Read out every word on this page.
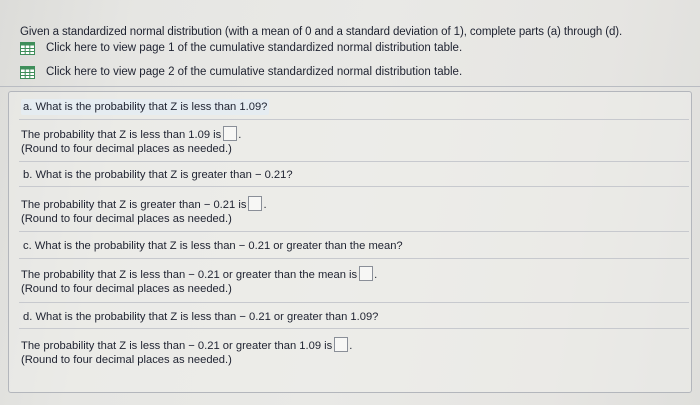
Given a standardized normal distribution (with a mean of 0 and a standard deviation of 1), complete parts (a) through (d).
Click here to view page 1 of the cumulative standardized normal distribution table.
Click here to view page 2 of the cumulative standardized normal distribution table.
a. What is the probability that Z is less than 1.09?
The probability that Z is less than 1.09 is .
(Round to four decimal places as needed.)
b. What is the probability that Z is greater than − 0.21?
The probability that Z is greater than − 0.21 is .
(Round to four decimal places as needed.)
c. What is the probability that Z is less than − 0.21 or greater than the mean?
The probability that Z is less than − 0.21 or greater than the mean is .
(Round to four decimal places as needed.)
d. What is the probability that Z is less than − 0.21 or greater than 1.09?
The probability that Z is less than − 0.21 or greater than 1.09 is .
(Round to four decimal places as needed.)
